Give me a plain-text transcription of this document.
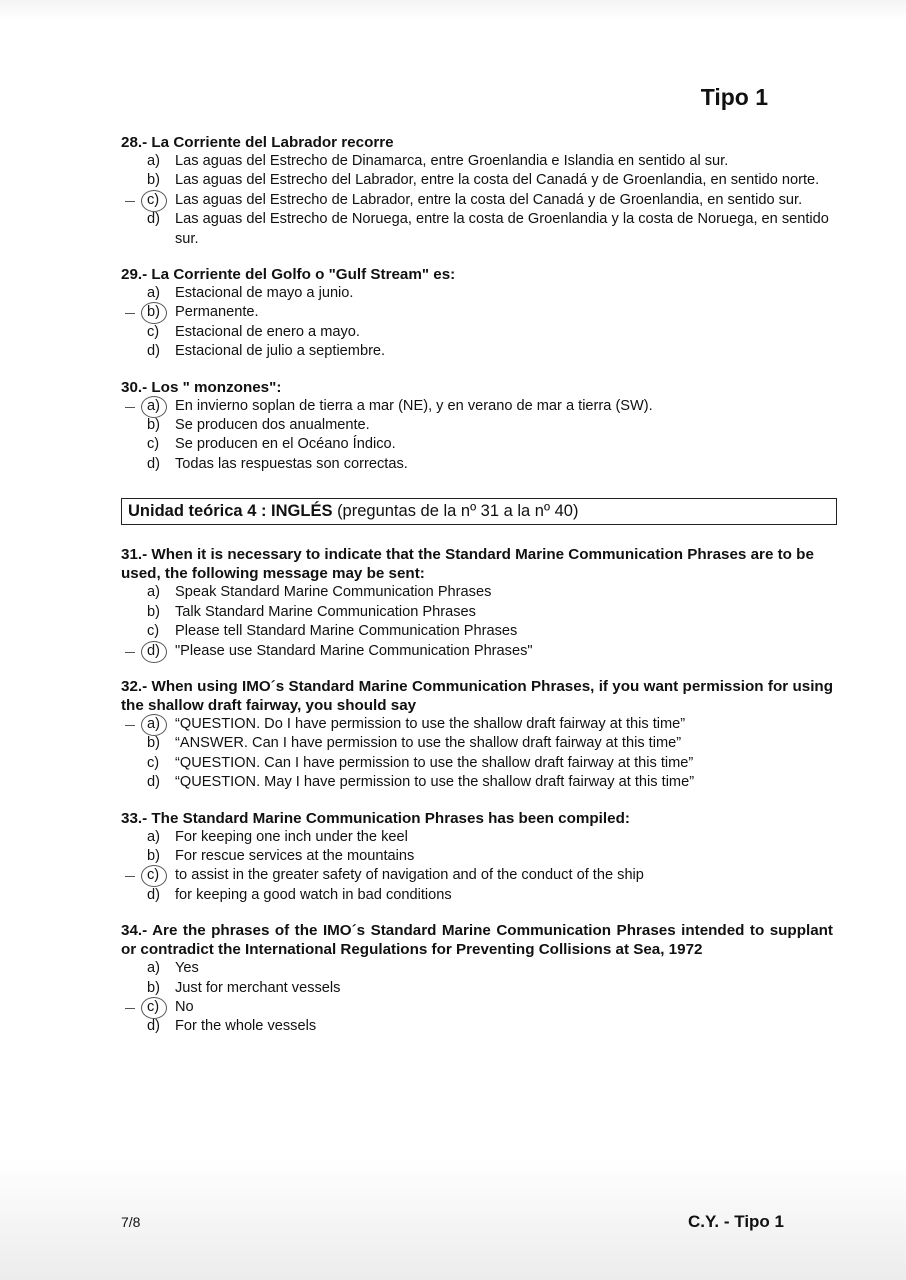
Tipo 1

28.- La Corriente del Labrador recorre

a)	Las aguas del Estrecho de Dinamarca, entre Groenlandia e Islandia en sentido al sur.
b)	Las aguas del Estrecho del Labrador, entre la costa del Canadá y de Groenlandia, en sentido norte.
c)	Las aguas del Estrecho de Labrador, entre la costa del Canadá y de Groenlandia, en sentido sur.
d)	Las aguas del Estrecho de Noruega, entre la costa de Groenlandia y la costa de Noruega, en sentido sur.

29.- La Corriente del Golfo o "Gulf Stream" es:

a)	Estacional de mayo a junio.
b)	Permanente.
c)	Estacional de enero a mayo.
d)	Estacional de julio a septiembre.

30.- Los " monzones":

a)	En invierno soplan de tierra a mar (NE), y en verano de mar a tierra (SW).
b)	Se producen dos anualmente.
c)	Se producen en el Océano Índico.
d)	Todas las respuestas son correctas.
Unidad teórica 4 : INGLÉS (preguntas de la nº 31 a la nº 40)

31.- When it is necessary to indicate that the Standard Marine Communication Phrases are to be used, the following message may be sent:

a)	Speak Standard Marine Communication Phrases
b)	Talk Standard Marine Communication Phrases
c)	Please tell Standard Marine Communication Phrases
d)	"Please use Standard Marine Communication Phrases"

32.- When using IMO´s Standard Marine Communication Phrases, if you want permission for using the shallow draft fairway, you should say

a)	“QUESTION. Do I have permission to use the shallow draft fairway at this time”
b)	“ANSWER. Can I have permission to use the shallow draft fairway at this time”
c)	“QUESTION. Can I have permission to use the shallow draft fairway at this time”
d)	“QUESTION. May I have permission to use the shallow draft fairway at this time”

33.- The Standard Marine Communication Phrases has been compiled:

a)	For keeping one inch under the keel
b)	For rescue services at the mountains
c)	to assist in the greater safety of navigation and of the conduct of the ship
d)	for keeping a good watch in bad conditions

34.- Are the phrases of the IMO´s Standard Marine Communication Phrases intended to supplant or contradict the International Regulations for Preventing Collisions at Sea, 1972

a)	Yes
b)	Just for merchant vessels
c)	No
d)	For the whole vessels
7/8	C.Y. - Tipo 1
